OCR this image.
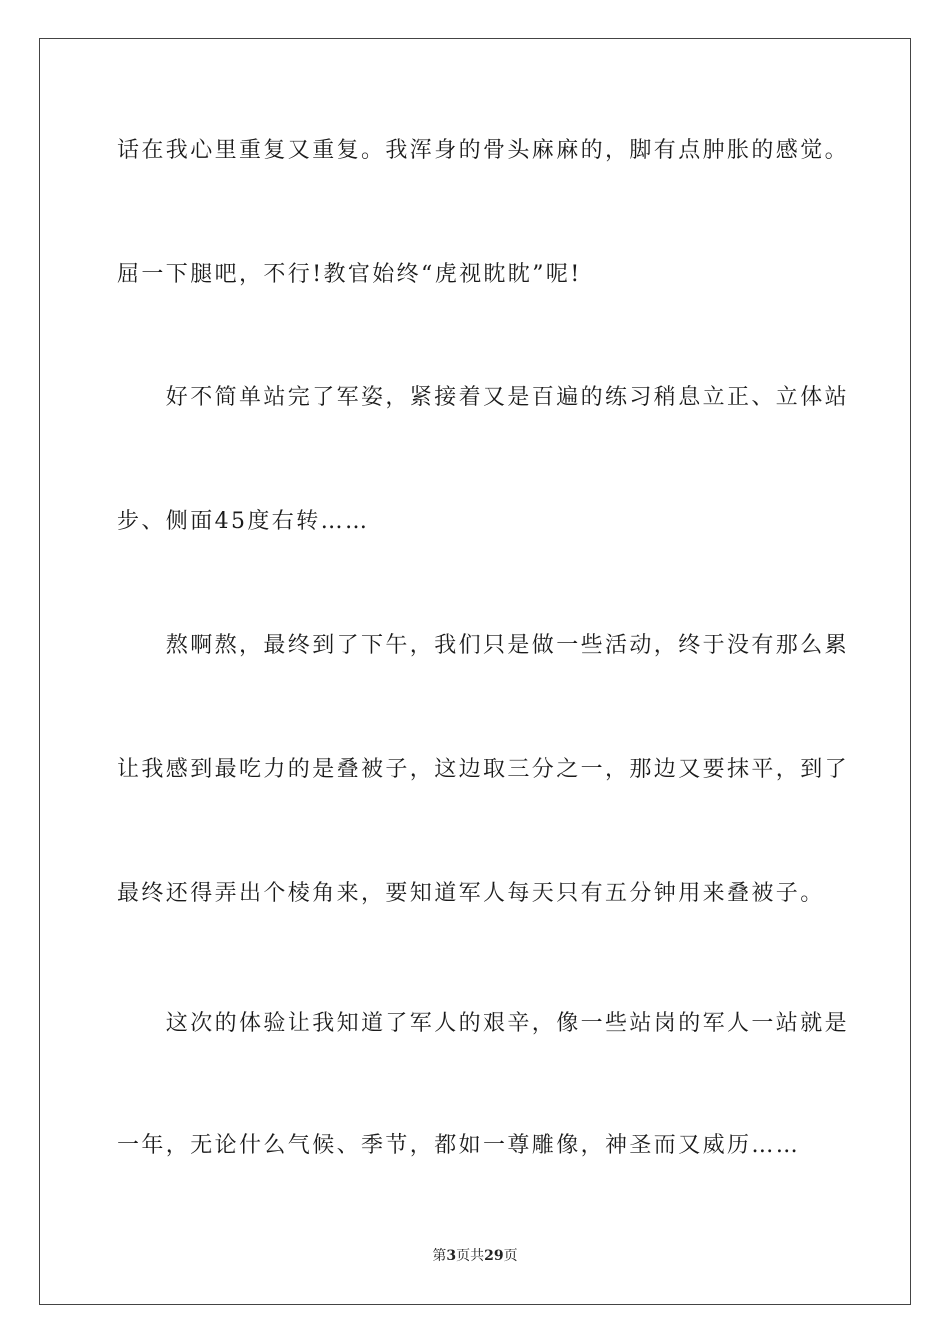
话在我心里重复又重复。我浑身的骨头麻麻的，脚有点肿胀的感觉。
屈一下腿吧，不行!教官始终“虎视眈眈”呢!
　　好不简单站完了军姿，紧接着又是百遍的练习稍息立正、立体站
步、侧面45度右转……
　　熬啊熬，最终到了下午，我们只是做一些活动，终于没有那么累
让我感到最吃力的是叠被子，这边取三分之一，那边又要抹平，到了
最终还得弄出个棱角来，要知道军人每天只有五分钟用来叠被子。
　　这次的体验让我知道了军人的艰辛，像一些站岗的军人一站就是
一年，无论什么气候、季节，都如一尊雕像，神圣而又威历……
第3页共29页
